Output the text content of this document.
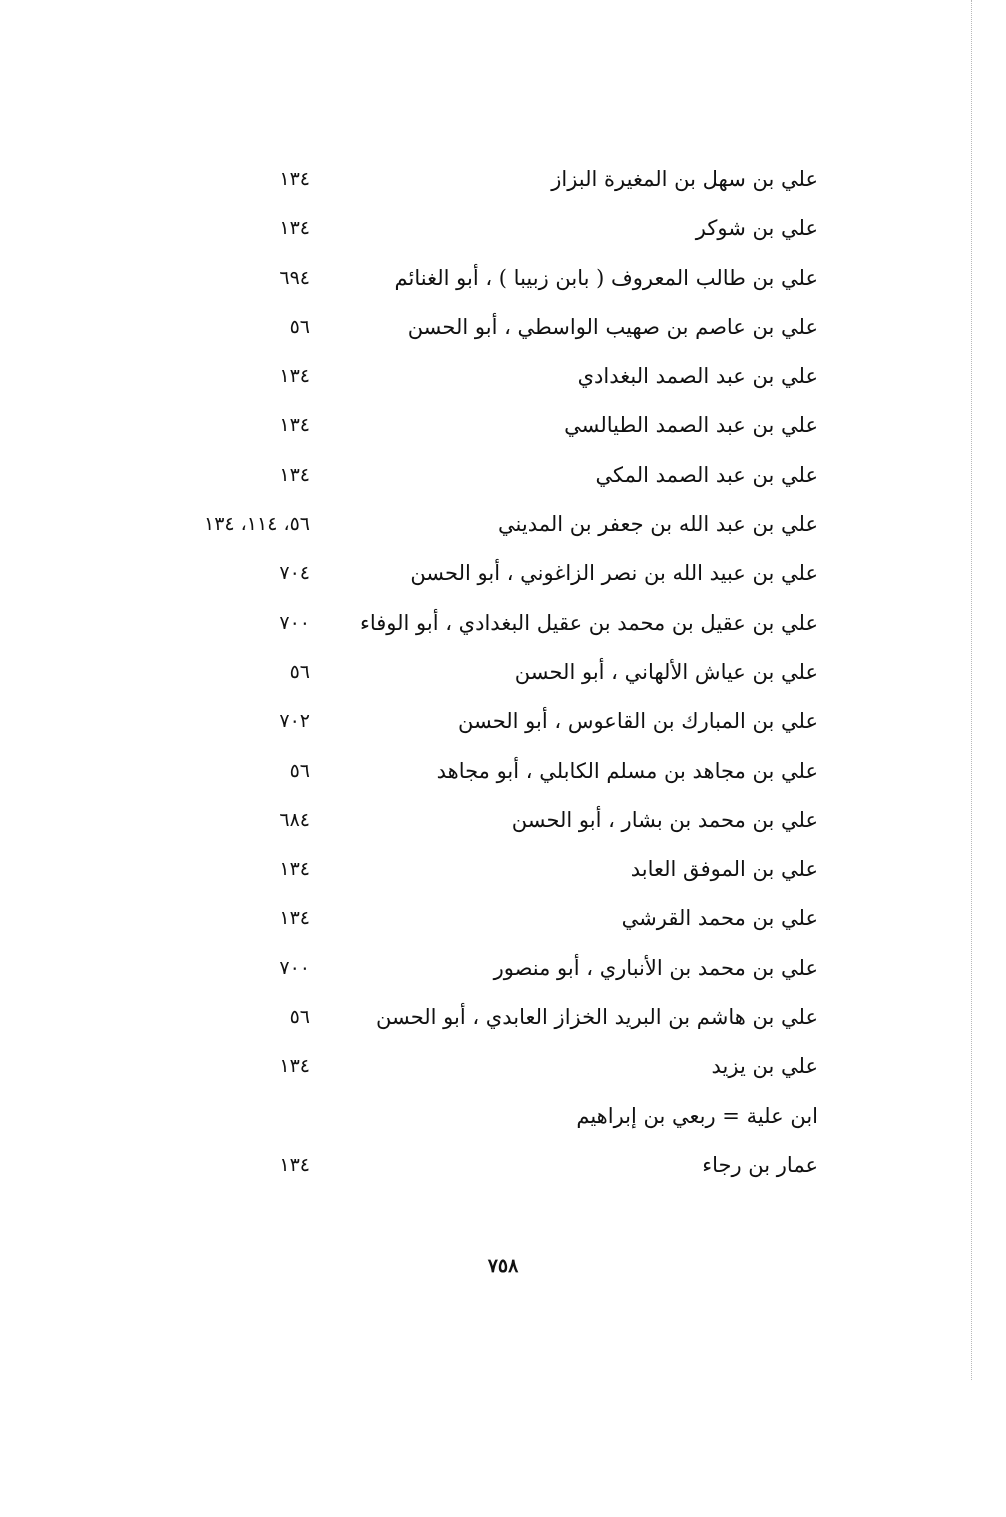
علي بن سهل بن المغيرة البزاز
١٣٤
علي بن شوكر
١٣٤
علي بن طالب المعروف ( بابن زبيبا ) ، أبو الغنائم
٦٩٤
علي بن عاصم بن صهيب الواسطي ، أبو الحسن
٥٦
علي بن عبد الصمد البغدادي
١٣٤
علي بن عبد الصمد الطيالسي
١٣٤
علي بن عبد الصمد المكي
١٣٤
علي بن عبد الله بن جعفر بن المديني
٥٦، ١١٤، ١٣٤
علي بن عبيد الله بن نصر الزاغوني ، أبو الحسن
٧٠٤
علي بن عقيل بن محمد بن عقيل البغدادي ، أبو الوفاء
٧٠٠
علي بن عياش الألهاني ، أبو الحسن
٥٦
علي بن المبارك بن القاعوس ، أبو الحسن
٧٠٢
علي بن مجاهد بن مسلم الكابلي ، أبو مجاهد
٥٦
علي بن محمد بن بشار ، أبو الحسن
٦٨٤
علي بن الموفق العابد
١٣٤
علي بن محمد القرشي
١٣٤
علي بن محمد بن الأنباري ، أبو منصور
٧٠٠
علي بن هاشم بن البريد الخزاز العابدي ، أبو الحسن
٥٦
علي بن يزيد
١٣٤
ابن علية = ربعي بن إبراهيم
عمار بن رجاء
١٣٤
٧٥٨
